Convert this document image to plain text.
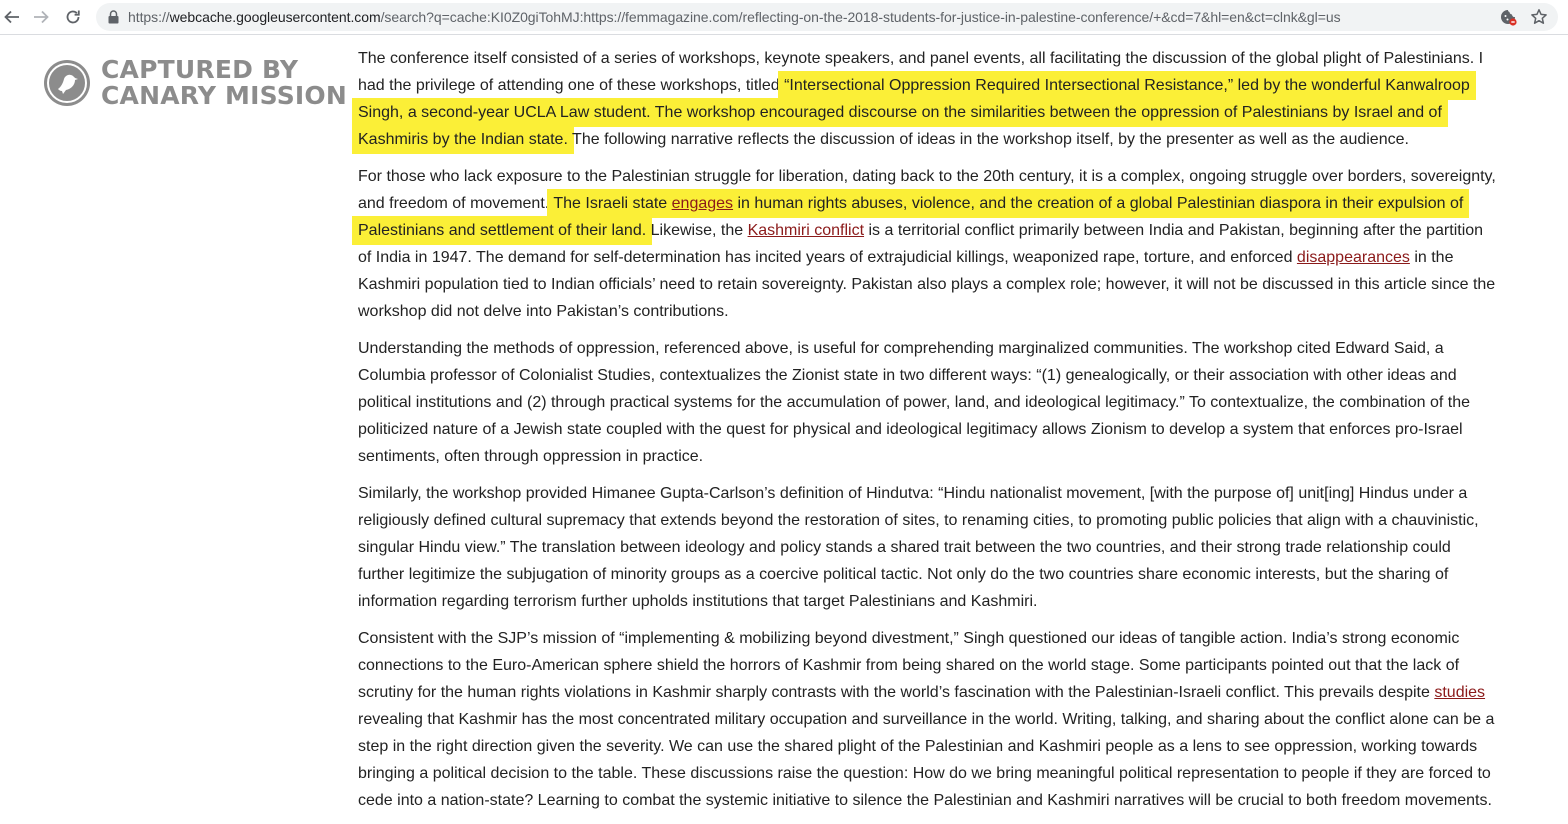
https://webcache.googleusercontent.com/search?q=cache:KI0Z0giTohMJ:https://femmagazine.com/reflecting-on-the-2018-students-for-justice-in-palestine-conference/+&cd=7&hl=en&ct=clnk&gl=us
CAPTURED BY
CANARY MISSION

The conference itself consisted of a series of workshops, keynote speakers, and panel events, all facilitating the discussion of the global plight of Palestinians. I had the privilege of attending one of these workshops, titled “Intersectional Oppression Required Intersectional Resistance,” led by the wonderful Kanwalroop Singh, a second-year UCLA Law student. The workshop encouraged discourse on the similarities between the oppression of Palestinians by Israel and of Kashmiris by the Indian state. The following narrative reflects the discussion of ideas in the workshop itself, by the presenter as well as the audience.

For those who lack exposure to the Palestinian struggle for liberation, dating back to the 20th century, it is a complex, ongoing struggle over borders, sovereignty, and freedom of movement. The Israeli state engages in human rights abuses, violence, and the creation of a global Palestinian diaspora in their expulsion of Palestinians and settlement of their land. Likewise, the Kashmiri conflict is a territorial conflict primarily between India and Pakistan, beginning after the partition of India in 1947. The demand for self-determination has incited years of extrajudicial killings, weaponized rape, torture, and enforced disappearances in the Kashmiri population tied to Indian officials’ need to retain sovereignty. Pakistan also plays a complex role; however, it will not be discussed in this article since the workshop did not delve into Pakistan’s contributions.

Understanding the methods of oppression, referenced above, is useful for comprehending marginalized communities. The workshop cited Edward Said, a Columbia professor of Colonialist Studies, contextualizes the Zionist state in two different ways: “(1) genealogically, or their association with other ideas and political institutions and (2) through practical systems for the accumulation of power, land, and ideological legitimacy.” To contextualize, the combination of the politicized nature of a Jewish state coupled with the quest for physical and ideological legitimacy allows Zionism to develop a system that enforces pro-Israel sentiments, often through oppression in practice.

Similarly, the workshop provided Himanee Gupta-Carlson’s definition of Hindutva: “Hindu nationalist movement, [with the purpose of] unit[ing] Hindus under a religiously defined cultural supremacy that extends beyond the restoration of sites, to renaming cities, to promoting public policies that align with a chauvinistic, singular Hindu view.” The translation between ideology and policy stands a shared trait between the two countries, and their strong trade relationship could further legitimize the subjugation of minority groups as a coercive political tactic. Not only do the two countries share economic interests, but the sharing of information regarding terrorism further upholds institutions that target Palestinians and Kashmiri.

Consistent with the SJP’s mission of “implementing & mobilizing beyond divestment,” Singh questioned our ideas of tangible action. India’s strong economic connections to the Euro-American sphere shield the horrors of Kashmir from being shared on the world stage. Some participants pointed out that the lack of scrutiny for the human rights violations in Kashmir sharply contrasts with the world’s fascination with the Palestinian-Israeli conflict. This prevails despite studies revealing that Kashmir has the most concentrated military occupation and surveillance in the world. Writing, talking, and sharing about the conflict alone can be a step in the right direction given the severity. We can use the shared plight of the Palestinian and Kashmiri people as a lens to see oppression, working towards bringing a political decision to the table. These discussions raise the question: How do we bring meaningful political representation to people if they are forced to cede into a nation-state? Learning to combat the systemic initiative to silence the Palestinian and Kashmiri narratives will be crucial to both freedom movements.
